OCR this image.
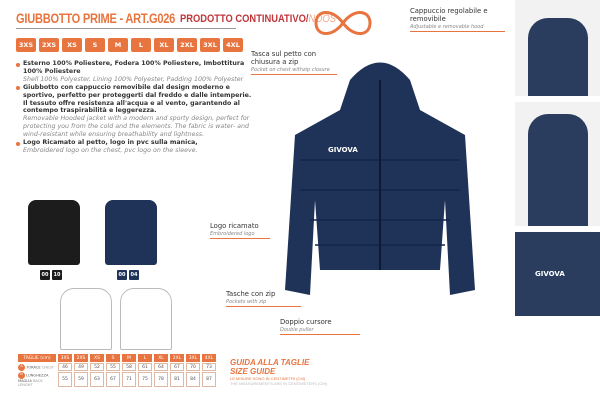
GIUBBOTTO PRIME - ART.G026 PRODOTTO CONTINUATIVO/NOOS
3XS	2XS	XS	S	M	L	XL	2XL	3XL	4XL
Esterno 100% Poliestere, Fodera 100% Poliestere, Imbottitura 100% Poliestere
Shell 100% Polyester, Lining 100% Polyester, Padding 100% Polyester
Giubbotto con cappuccio removibile dal design moderno e sportivo, perfetto per proteggerti dal freddo e dalle intemperie. Il tessuto offre resistenza all'acqua e al vento, garantendo al contempo traspirabilità e leggerezza.
Removable Hooded jacket with a modern and sporty design, perfect for protecting you from the cold and the elements. The fabric is water- and wind-resistant while ensuring breathability and lightness.
Logo Ricamato al petto, logo in pvc sulla manica,
Embroidered logo on the chest, pvc logo on the sleeve.	GIVOVA
Tasca sul petto con chiusura a zip
Pocket on chest withzip closure
Cappuccio regolabile e removibile
Adjustable e removable hood
Logo ricamato
Embroidered logo
Tasche con zip
Pockets with zip
Doppio cursore
Double puller
00	10	00	04	GIVOVA
TAGLIE (cm)	3XS	2XS	XS	S	M	L	XL	2XL	3XL	4XL
A TORACE CHEST	46	49	52	55	58	61	64	67	70	73
B LUNGHEZZA MAGLIA BACK LENGHT	55	59	63	67	71	75	78	81	84	87
GUIDA ALLA TAGLIE
SIZE GUIDE
LE MISURE SONO IN CENTIMETRI (CM)
THE MEASUREMENTS ARE IN CENTIMETERS (CM)
